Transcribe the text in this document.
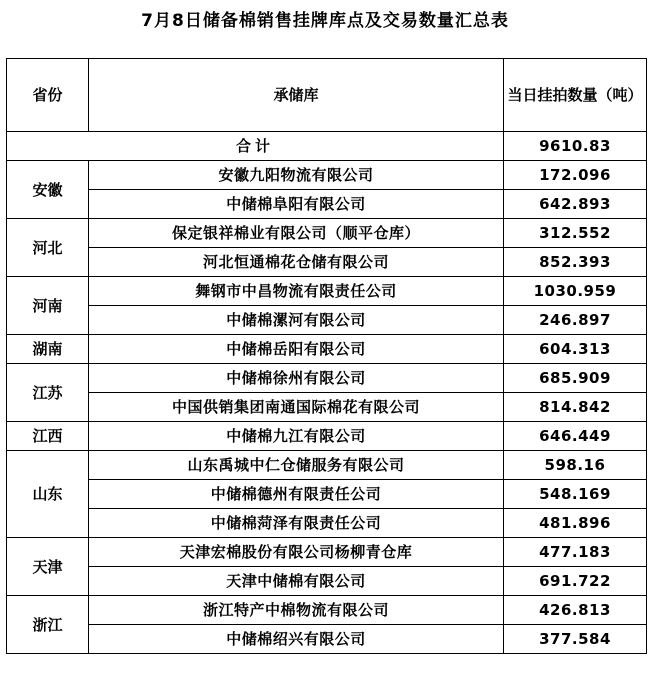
7月8日储备棉销售挂牌库点及交易数量汇总表
省份	承储库	当日挂拍数量（吨）
合计		9610.83
安徽	安徽九阳物流有限公司	172.096
	中储棉阜阳有限公司	642.893
河北	保定银祥棉业有限公司（顺平仓库）	312.552
	河北恒通棉花仓储有限公司	852.393
河南	舞钢市中昌物流有限责任公司	1030.959
	中储棉漯河有限公司	246.897
湖南	中储棉岳阳有限公司	604.313
江苏	中储棉徐州有限公司	685.909
	中国供销集团南通国际棉花有限公司	814.842
江西	中储棉九江有限公司	646.449
山东	山东禹城中仁仓储服务有限公司	598.16
	中储棉德州有限责任公司	548.169
	中储棉菏泽有限责任公司	481.896
天津	天津宏棉股份有限公司杨柳青仓库	477.183
	天津中储棉有限公司	691.722
浙江	浙江特产中棉物流有限公司	426.813
	中储棉绍兴有限公司	377.584
